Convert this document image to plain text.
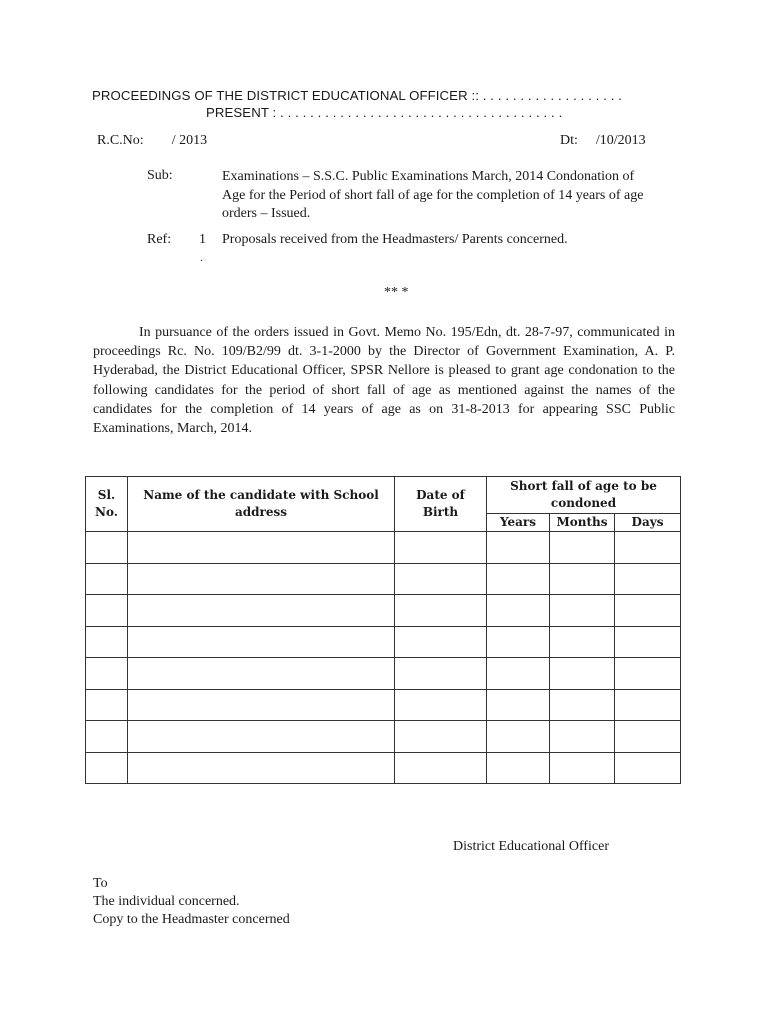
PROCEEDINGS OF THE DISTRICT EDUCATIONAL OFFICER :: . . . . . . . . . . . . . . . . . . .
PRESENT : . . . . . . . . . . . . . . . . . . . . . . . . . . . . . . . . . . . . . .
R.C.No: / 2013	Dt: /10/2013
Sub:	Examinations – S.S.C. Public Examinations March, 2014 Condonation of Age for the Period of short fall of age for the completion of 14 years of age orders – Issued.
Ref: 1 Proposals received from the Headmasters/ Parents concerned.
.
** *
In pursuance of the orders issued in Govt. Memo No. 195/Edn, dt. 28-7-97, communicated in proceedings Rc. No. 109/B2/99 dt. 3-1-2000 by the Director of Government Examination, A. P. Hyderabad, the District Educational Officer, SPSR Nellore is pleased to grant age condonation to the following candidates for the period of short fall of age as mentioned against the names of the candidates for the completion of 14 years of age as on 31-8-2013 for appearing SSC Public Examinations, March, 2014.
Sl. No.	Name of the candidate with School address	Date of Birth	Short fall of age to be condoned		
			Years	Months	Days

District Educational Officer
To
The individual concerned.
Copy to the Headmaster concerned
